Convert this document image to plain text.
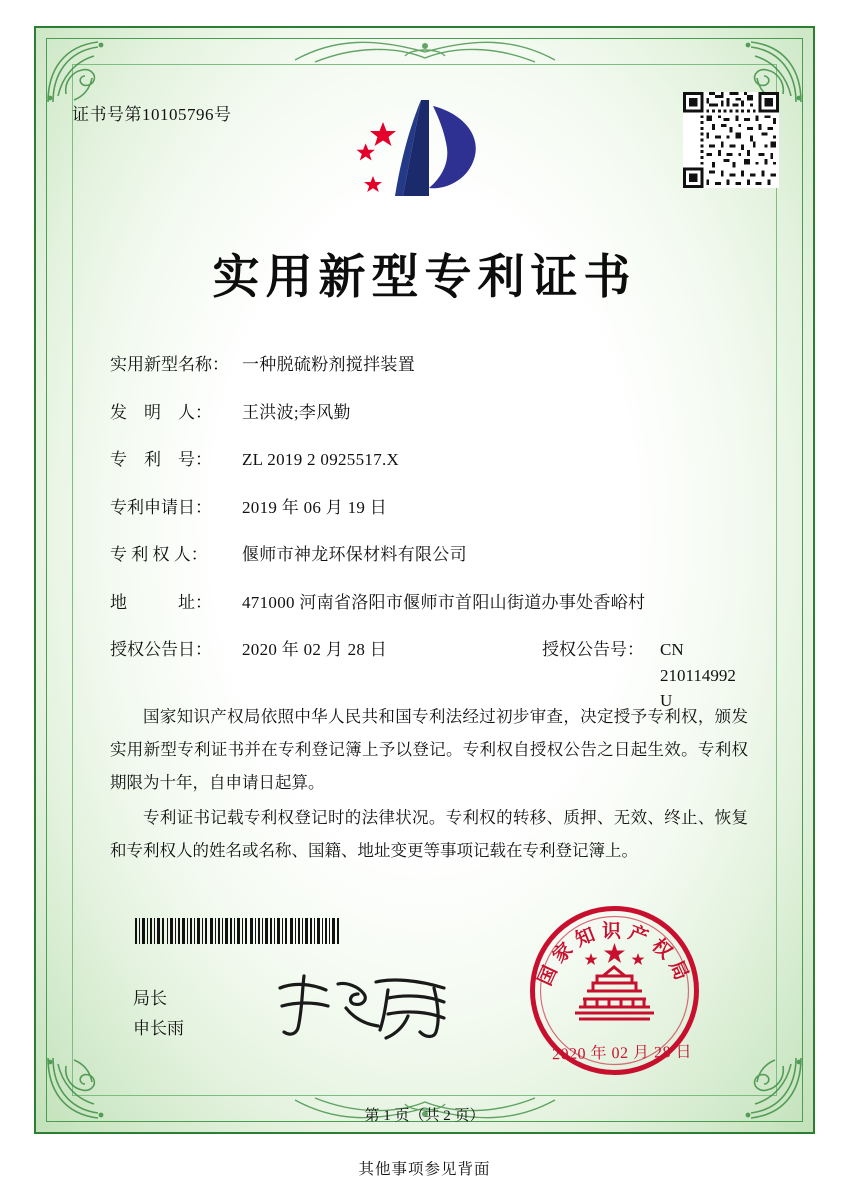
证书号第10105796号
实用新型专利证书
实用新型名称： 一种脱硫粉剂搅拌装置
发　明　人：	王洪波;李风勤
专　利　号：	ZL 2019 2 0925517.X
专利申请日：	2019 年 06 月 19 日
专 利 权 人：	偃师市神龙环保材料有限公司
地　　　址：	471000 河南省洛阳市偃师市首阳山街道办事处香峪村
授权公告日：	2020 年 02 月 28 日	授权公告号： CN 210114992 U

国家知识产权局依照中华人民共和国专利法经过初步审查，决定授予专利权，颁发实用新型专利证书并在专利登记簿上予以登记。专利权自授权公告之日起生效。专利权期限为十年，自申请日起算。

专利证书记载专利权登记时的法律状况。专利权的转移、质押、无效、终止、恢复和专利权人的姓名或名称、国籍、地址变更等事项记载在专利登记簿上。

局长
申长雨
国家知识产权局
2020 年 02 月 28 日
第 1 页（共 2 页）
其他事项参见背面
